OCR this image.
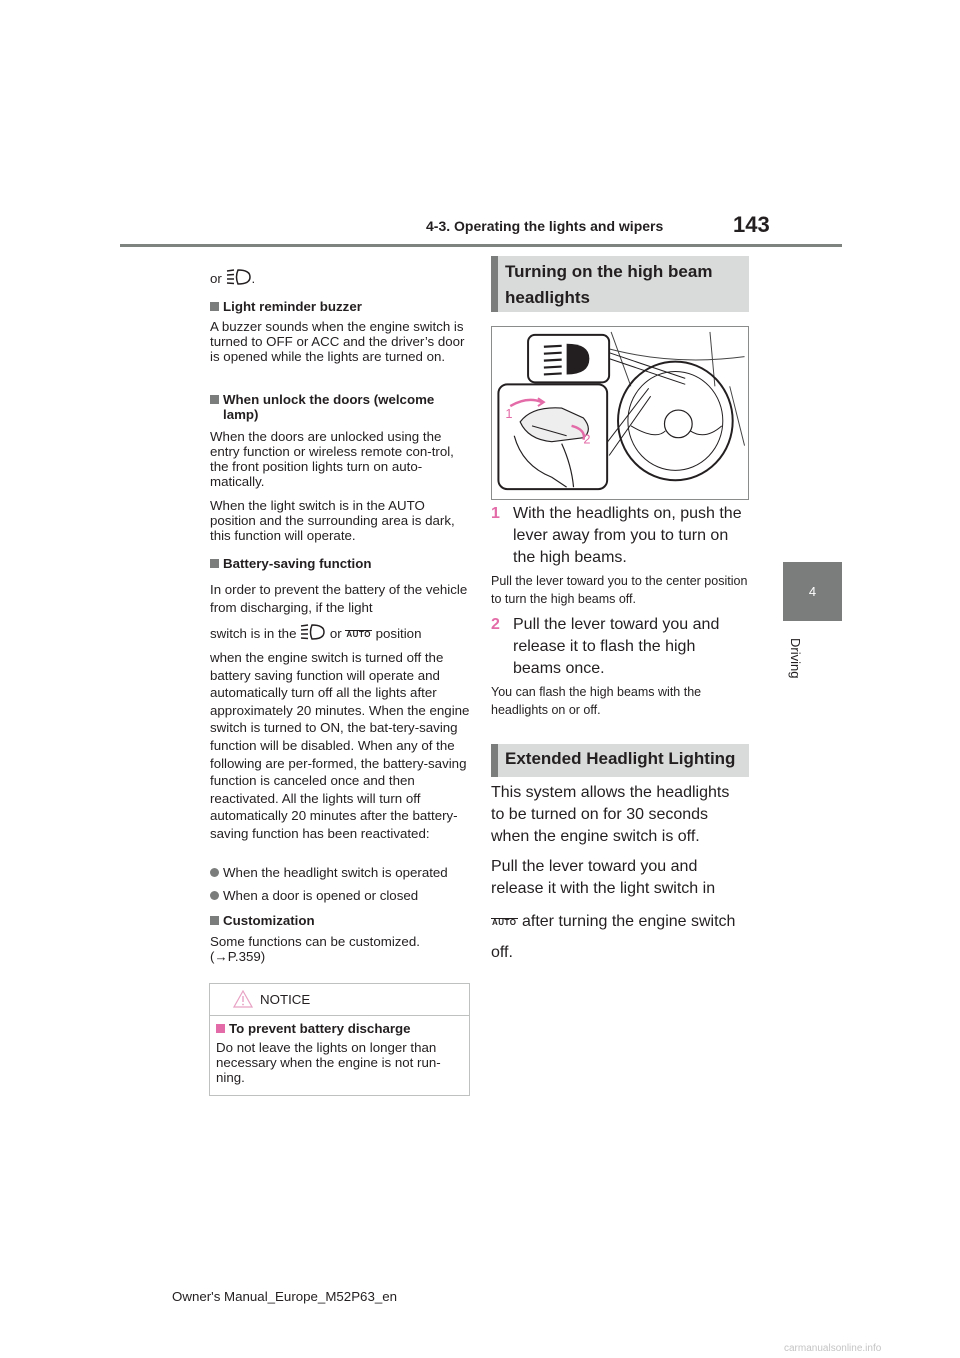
4-3. Operating the lights and wipers	143
4
Driving
or .
Light reminder buzzer

A buzzer sounds when the engine switch is turned to OFF or ACC and the driver’s door is opened while the lights are turned on.

When unlock the doors (welcome
lamp)

When the doors are unlocked using the entry function or wireless remote con-trol, the front position lights turn on auto-matically.

When the light switch is in the AUTO position and the surrounding area is dark, this function will operate.

Battery-saving function

In order to prevent the battery of the vehicle from discharging, if the light

switch is in the	or AUTO position

when the engine switch is turned off the battery saving function will operate and automatically turn off all the lights after approximately 20 minutes. When the engine switch is turned to ON, the bat-tery-saving function will be disabled. When any of the following are per-formed, the battery-saving function is canceled once and then reactivated. All the lights will turn off automatically 20 minutes after the battery-saving function has been reactivated:

When the headlight switch is operated
When a door is opened or closed
Customization
Some functions can be customized.
(→P.359)
NOTICE
To prevent battery discharge
Do not leave the lights on longer than necessary when the engine is not run-ning.
Turning on the high beam
headlights
1
2
1 With the headlights on, push the lever away from you to turn on the high beams.

Pull the lever toward you to the center position to turn the high beams off.

2 Pull the lever toward you and release it to flash the high beams once.

You can flash the high beams with the headlights on or off.

Extended Headlight Lighting

This system allows the headlights to be turned on for 30 seconds when the engine switch is off.

Pull the lever toward you and
release it with the light switch in
AUTO after turning the engine switch
off.
Owner's Manual_Europe_M52P63_en
carmanualsonline.info
